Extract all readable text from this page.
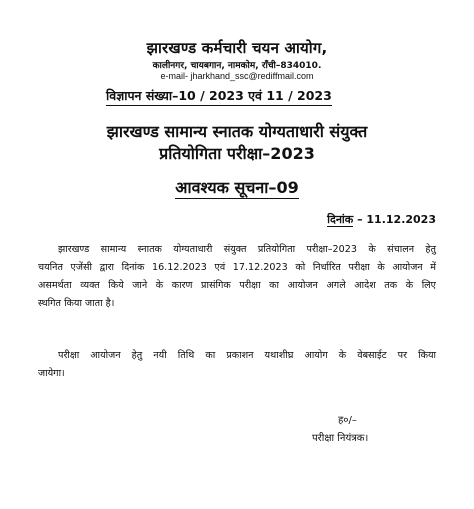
झारखण्ड कर्मचारी चयन आयोग,
कालीनगर, चायबगान, नामकोम, राँची–834010.
e-mail- jharkhand_ssc@rediffmail.com
विज्ञापन संख्या–10 / 2023 एवं 11 / 2023
झारखण्ड सामान्य स्नातक योग्यताधारी संयुक्त
प्रतियोगिता परीक्षा–2023
आवश्यक सूचना–09
दिनांक – 11.12.2023
झारखण्ड सामान्य स्नातक योग्यताधारी संयुक्त प्रतियोगिता परीक्षा–2023 के संचालन हेतु
चयनित एजेंसी द्वारा दिनांक 16.12.2023 एवं 17.12.2023 को निर्धारित परीक्षा के आयोजन में
असमर्थता व्यक्त किये जाने के कारण प्रासंगिक परीक्षा का आयोजन अगले आदेश तक के लिए
स्थगित किया जाता है।
परीक्षा आयोजन हेतु नयी तिथि का प्रकाशन यथाशीघ्र आयोग के वेबसाईट पर किया
जायेगा।
ह०/–
परीक्षा नियंत्रक।
